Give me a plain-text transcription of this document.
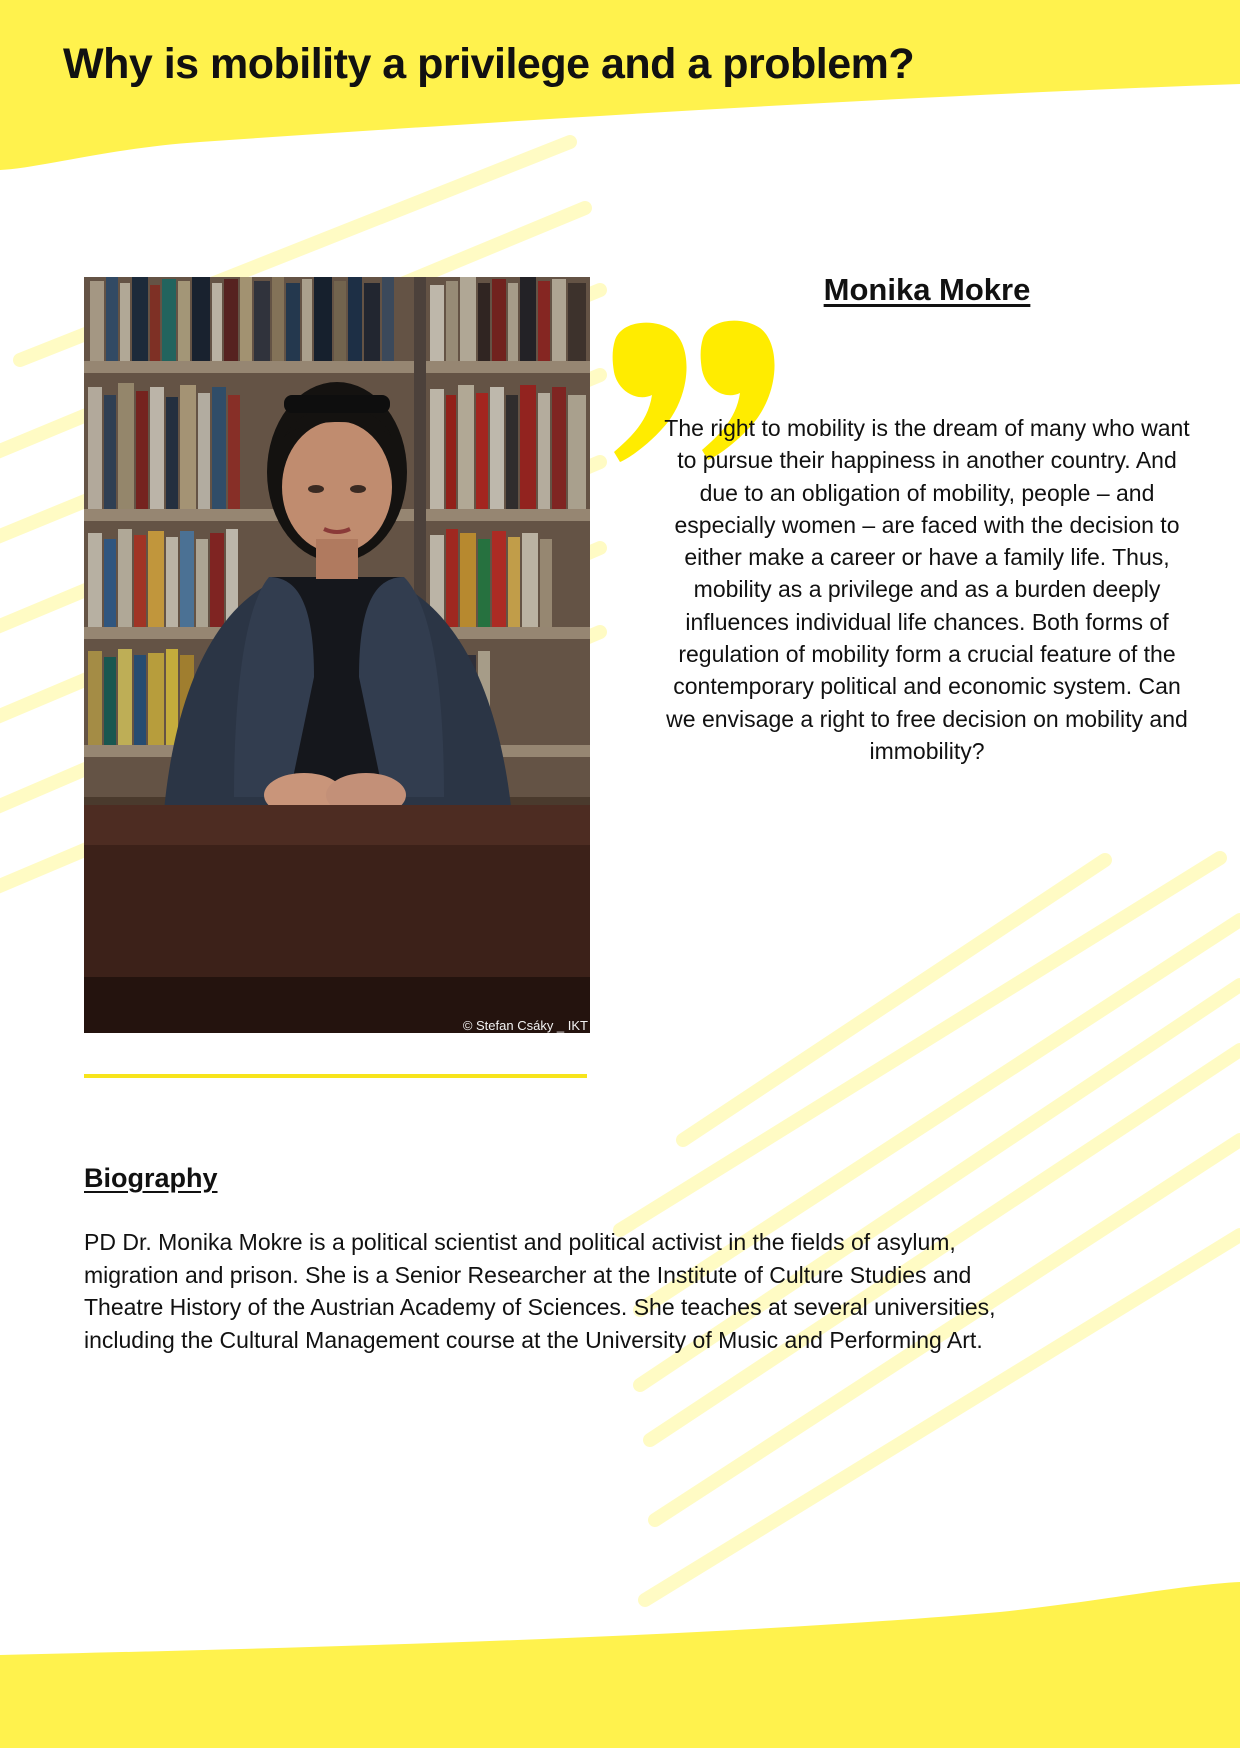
Why is mobility a privilege and a problem?
© Stefan Csáky _ IKT
Monika Mokre

The right to mobility is the dream of many who want to pursue their happiness in another country. And due to an obligation of mobility, people – and especially women – are faced with the decision to either make a career or have a family life. Thus, mobility as a privilege and as a burden deeply influences individual life chances. Both forms of regulation of mobility form a crucial feature of the contemporary political and economic system. Can we envisage a right to free decision on mobility and immobility?

Biography

PD Dr. Monika Mokre is a political scientist and political activist in the fields of asylum, migration and prison. She is a Senior Researcher at the Institute of Culture Studies and Theatre History of the Austrian Academy of Sciences. She teaches at several universities, including the Cultural Management course at the University of Music and Performing Art.
